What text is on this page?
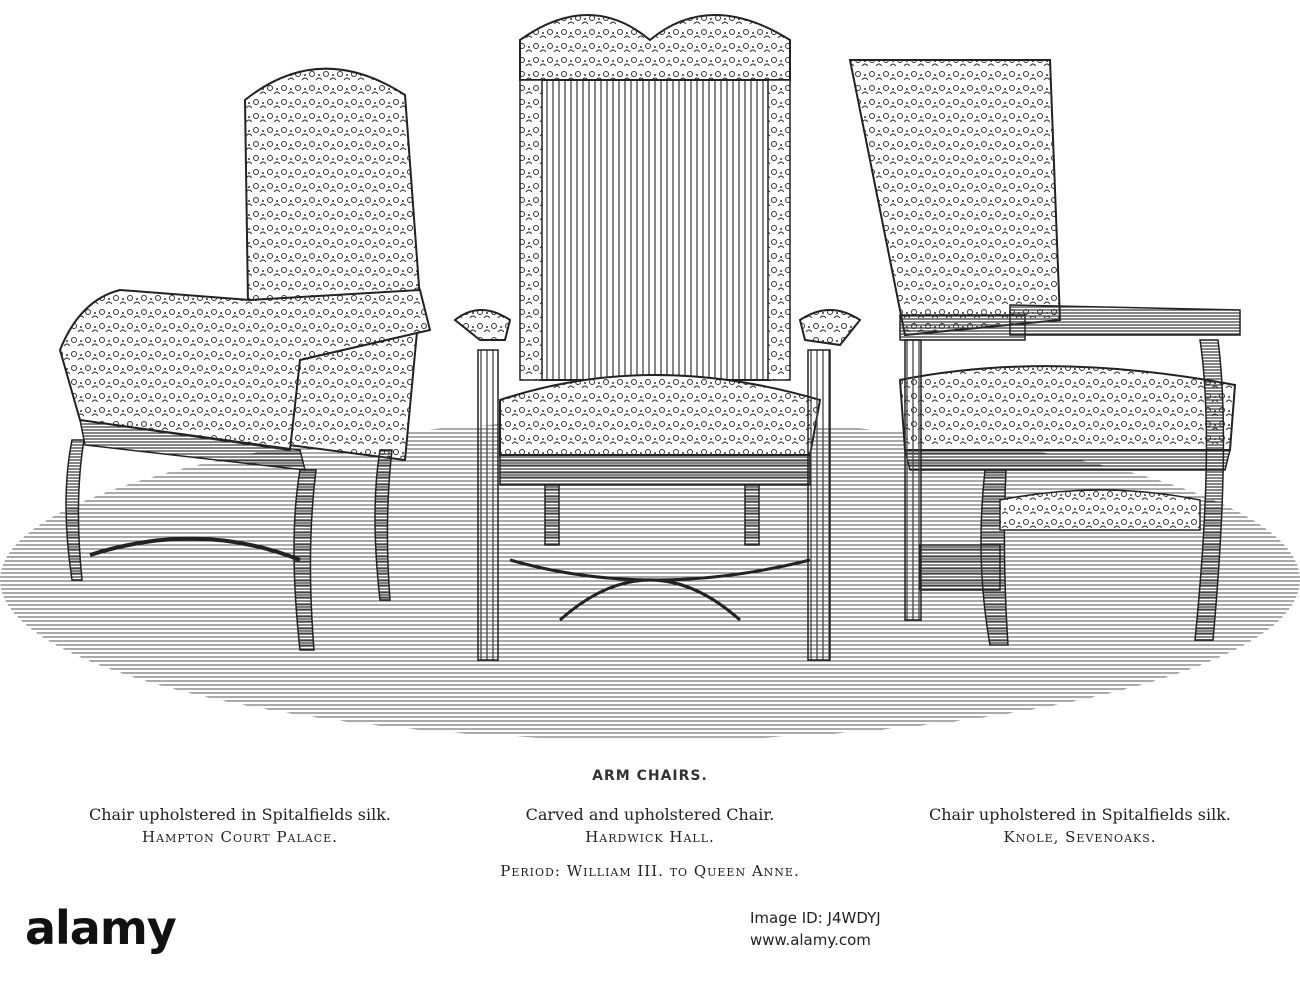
ARM CHAIRS.
Chair upholstered in Spitalfields silk.
Hampton Court Palace.
Carved and upholstered Chair.
Hardwick Hall.
Chair upholstered in Spitalfields silk.
Knole, Sevenoaks.
Period: William III. to Queen Anne.
alamy	Image ID: J4WDYJ
www.alamy.com
